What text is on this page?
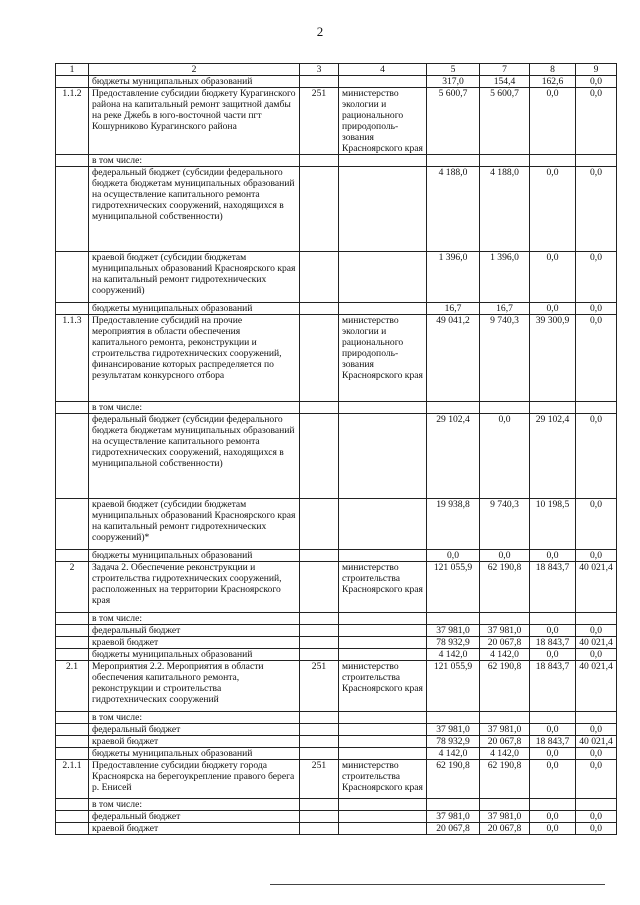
2
1	2	3	4	5	7	8	9
	бюджеты муниципальных образований			317,0	154,4	162,6	0,0
1.1.2	Предоставление субсидии бюджету Курагинского района на капитальный ремонт защитной дамбы на реке Джебь в юго-восточной части пгт Кошурниково Курагинского района	251	министерство экологии и рационального природополь-зования Красноярского края	5 600,7	5 600,7	0,0	0,0
	в том числе:						
	федеральный бюджет (субсидии федерального бюджета бюджетам муниципальных образований на осуществление капитального ремонта гидротехнических сооружений, находящихся в муниципальной собственности)			4 188,0	4 188,0	0,0	0,0
	краевой бюджет (субсидии бюджетам муниципальных образований Красноярского края на капитальный ремонт гидротехнических сооружений)			1 396,0	1 396,0	0,0	0,0
	бюджеты муниципальных образований			16,7	16,7	0,0	0,0
1.1.3	Предоставление субсидий на прочие мероприятия в области обеспечения капитального ремонта, реконструкции и строительства гидротехнических сооружений, финансирование которых распределяется по результатам конкурсного отбора		министерство экологии и рационального природополь-зования Красноярского края	49 041,2	9 740,3	39 300,9	0,0
	в том числе:						
	федеральный бюджет (субсидии федерального бюджета бюджетам муниципальных образований на осуществление капитального ремонта гидротехнических сооружений, находящихся в муниципальной собственности)			29 102,4	0,0	29 102,4	0,0
	краевой бюджет (субсидии бюджетам муниципальных образований Красноярского края на капитальный ремонт гидротехнических сооружений)*			19 938,8	9 740,3	10 198,5	0,0
	бюджеты муниципальных образований			0,0	0,0	0,0	0,0
2	Задача 2. Обеспечение реконструкции и строительства гидротехнических сооружений, расположенных на территории Красноярского края		министерство строительства Красноярского края	121 055,9	62 190,8	18 843,7	40 021,4
	в том числе:						
	федеральный бюджет			37 981,0	37 981,0	0,0	0,0
	краевой бюджет			78 932,9	20 067,8	18 843,7	40 021,4
	бюджеты муниципальных образований			4 142,0	4 142,0	0,0	0,0
2.1	Мероприятия 2.2. Мероприятия в области обеспечения капитального ремонта, реконструкции и строительства гидротехнических сооружений	251	министерство строительства Красноярского края	121 055,9	62 190,8	18 843,7	40 021,4
	в том числе:						
	федеральный бюджет			37 981,0	37 981,0	0,0	0,0
	краевой бюджет			78 932,9	20 067,8	18 843,7	40 021,4
	бюджеты муниципальных образований			4 142,0	4 142,0	0,0	0,0
2.1.1	Предоставление субсидии бюджету города Красноярска на берегоукрепление правого берега р. Енисей	251	министерство строительства Красноярского края	62 190,8	62 190,8	0,0	0,0
	в том числе:						
	федеральный бюджет			37 981,0	37 981,0	0,0	0,0
	краевой бюджет			20 067,8	20 067,8	0,0	0,0
